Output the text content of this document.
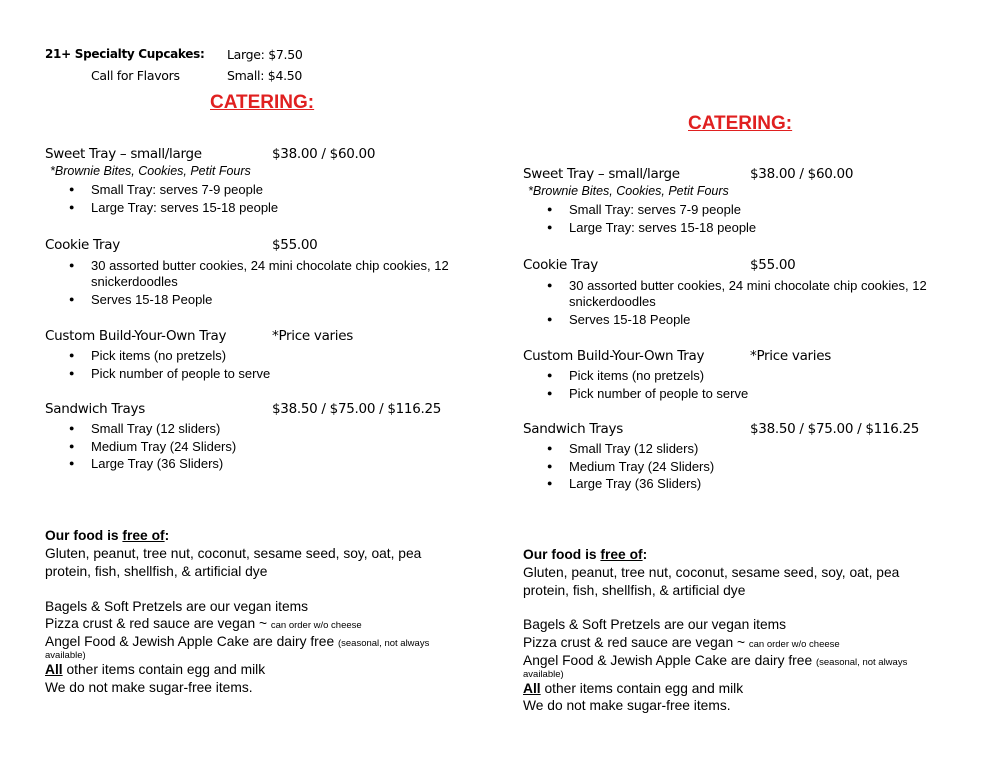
21+ Specialty Cupcakes: Large: $7.50
Call for Flavors	Small: $4.50
CATERING:
Sweet Tray – small/large	$38.00 / $60.00
*Brownie Bites, Cookies, Petit Fours
● Small Tray: serves 7-9 people
● Large Tray: serves 15-18 people
Cookie Tray	$55.00
● 30 assorted butter cookies, 24 mini chocolate chip cookies, 12
snickerdoodles
● Serves 15-18 People
Custom Build-Your-Own Tray	*Price varies
● Pick items (no pretzels)
● Pick number of people to serve
Sandwich Trays	$38.50 / $75.00 / $116.25
● Small Tray (12 sliders)
● Medium Tray (24 Sliders)
● Large Tray (36 Sliders)
Our food is free of:
Gluten, peanut, tree nut, coconut, sesame seed, soy, oat, pea
protein, fish, shellfish, & artificial dye
Bagels & Soft Pretzels are our vegan items
Pizza crust & red sauce are vegan ~ can order w/o cheese
Angel Food & Jewish Apple Cake are dairy free (seasonal, not always
available)
All other items contain egg and milk
We do not make sugar-free items.
CATERING:
Sweet Tray – small/large	$38.00 / $60.00
*Brownie Bites, Cookies, Petit Fours
● Small Tray: serves 7-9 people
● Large Tray: serves 15-18 people
Cookie Tray	$55.00
● 30 assorted butter cookies, 24 mini chocolate chip cookies, 12
snickerdoodles
● Serves 15-18 People
Custom Build-Your-Own Tray	*Price varies
● Pick items (no pretzels)
● Pick number of people to serve
Sandwich Trays	$38.50 / $75.00 / $116.25
● Small Tray (12 sliders)
● Medium Tray (24 Sliders)
● Large Tray (36 Sliders)
Our food is free of:
Gluten, peanut, tree nut, coconut, sesame seed, soy, oat, pea
protein, fish, shellfish, & artificial dye
Bagels & Soft Pretzels are our vegan items
Pizza crust & red sauce are vegan ~ can order w/o cheese
Angel Food & Jewish Apple Cake are dairy free (seasonal, not always
available)
All other items contain egg and milk
We do not make sugar-free items.
